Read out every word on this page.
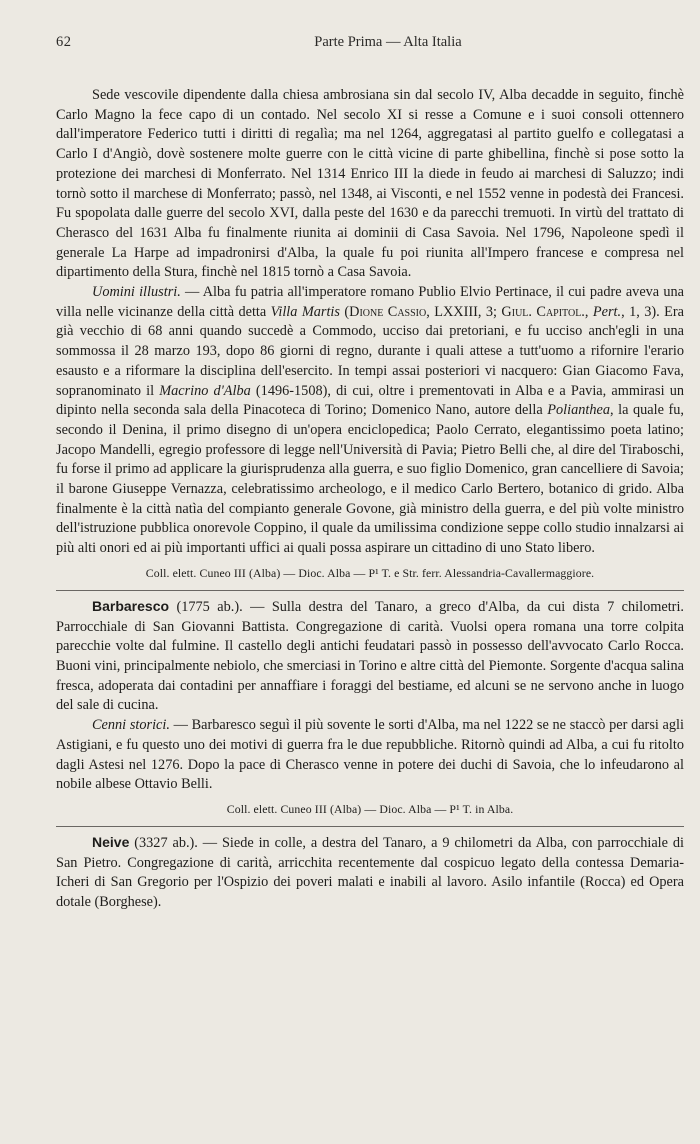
62	Parte Prima — Alta Italia

Sede vescovile dipendente dalla chiesa ambrosiana sin dal secolo IV, Alba decadde in seguito, finchè Carlo Magno la fece capo di un contado. Nel secolo XI si resse a Comune e i suoi consoli ottennero dall'imperatore Federico tutti i diritti di regalìa; ma nel 1264, aggregatasi al partito guelfo e collegatasi a Carlo I d'Angiò, dovè sostenere molte guerre con le città vicine di parte ghibellina, finchè si pose sotto la protezione dei marchesi di Monferrato. Nel 1314 Enrico III la diede in feudo ai marchesi di Saluzzo; indi tornò sotto il marchese di Monferrato; passò, nel 1348, ai Visconti, e nel 1552 venne in podestà dei Francesi. Fu spopolata dalle guerre del secolo XVI, dalla peste del 1630 e da parecchi tremuoti. In virtù del trattato di Cherasco del 1631 Alba fu finalmente riunita ai dominii di Casa Savoia. Nel 1796, Napoleone spedì il generale La Harpe ad impadronirsi d'Alba, la quale fu poi riunita all'Impero francese e compresa nel dipartimento della Stura, finchè nel 1815 tornò a Casa Savoia.

Uomini illustri. — Alba fu patria all'imperatore romano Publio Elvio Pertinace, il cui padre aveva una villa nelle vicinanze della città detta Villa Martis (Dione Cassio, LXXIII, 3; Giul. Capitol., Pert., 1, 3). Era già vecchio di 68 anni quando succedè a Commodo, ucciso dai pretoriani, e fu ucciso anch'egli in una sommossa il 28 marzo 193, dopo 86 giorni di regno, durante i quali attese a tutt'uomo a rifornire l'erario esausto e a riformare la disciplina dell'esercito. In tempi assai posteriori vi nacquero: Gian Giacomo Fava, sopranominato il Macrino d'Alba (1496-1508), di cui, oltre i prementovati in Alba e a Pavia, ammirasi un dipinto nella seconda sala della Pinacoteca di Torino; Domenico Nano, autore della Polianthea, la quale fu, secondo il Denina, il primo disegno di un'opera enciclopedica; Paolo Cerrato, elegantissimo poeta latino; Jacopo Mandelli, egregio professore di legge nell'Università di Pavia; Pietro Belli che, al dire del Tiraboschi, fu forse il primo ad applicare la giurisprudenza alla guerra, e suo figlio Domenico, gran cancelliere di Savoia; il barone Giuseppe Vernazza, celebratissimo archeologo, e il medico Carlo Bertero, botanico di grido. Alba finalmente è la città natìa del compianto generale Govone, già ministro della guerra, e del più volte ministro dell'istruzione pubblica onorevole Coppino, il quale da umilissima condizione seppe collo studio innalzarsi ai più alti onori ed ai più importanti uffici ai quali possa aspirare un cittadino di uno Stato libero.

Coll. elett. Cuneo III (Alba) — Dioc. Alba — P¹ T. e Str. ferr. Alessandria-Cavallermaggiore.

Barbaresco (1775 ab.). — Sulla destra del Tanaro, a greco d'Alba, da cui dista 7 chilometri. Parrocchiale di San Giovanni Battista. Congregazione di carità. Vuolsi opera romana una torre colpita parecchie volte dal fulmine. Il castello degli antichi feudatari passò in possesso dell'avvocato Carlo Rocca. Buoni vini, principalmente nebiolo, che smerciasi in Torino e altre città del Piemonte. Sorgente d'acqua salina fresca, adoperata dai contadini per annaffiare i foraggi del bestiame, ed alcuni se ne servono anche in luogo del sale di cucina.

Cenni storici. — Barbaresco seguì il più sovente le sorti d'Alba, ma nel 1222 se ne staccò per darsi agli Astigiani, e fu questo uno dei motivi di guerra fra le due repubbliche. Ritornò quindi ad Alba, a cui fu ritolto dagli Astesi nel 1276. Dopo la pace di Cherasco venne in potere dei duchi di Savoia, che lo infeudarono al nobile albese Ottavio Belli.

Coll. elett. Cuneo III (Alba) — Dioc. Alba — P¹ T. in Alba.

Neive (3327 ab.). — Siede in colle, a destra del Tanaro, a 9 chilometri da Alba, con parrocchiale di San Pietro. Congregazione di carità, arricchita recentemente dal cospicuo legato della contessa Demaria-Icheri di San Gregorio per l'Ospizio dei poveri malati e inabili al lavoro. Asilo infantile (Rocca) ed Opera dotale (Borghese).
